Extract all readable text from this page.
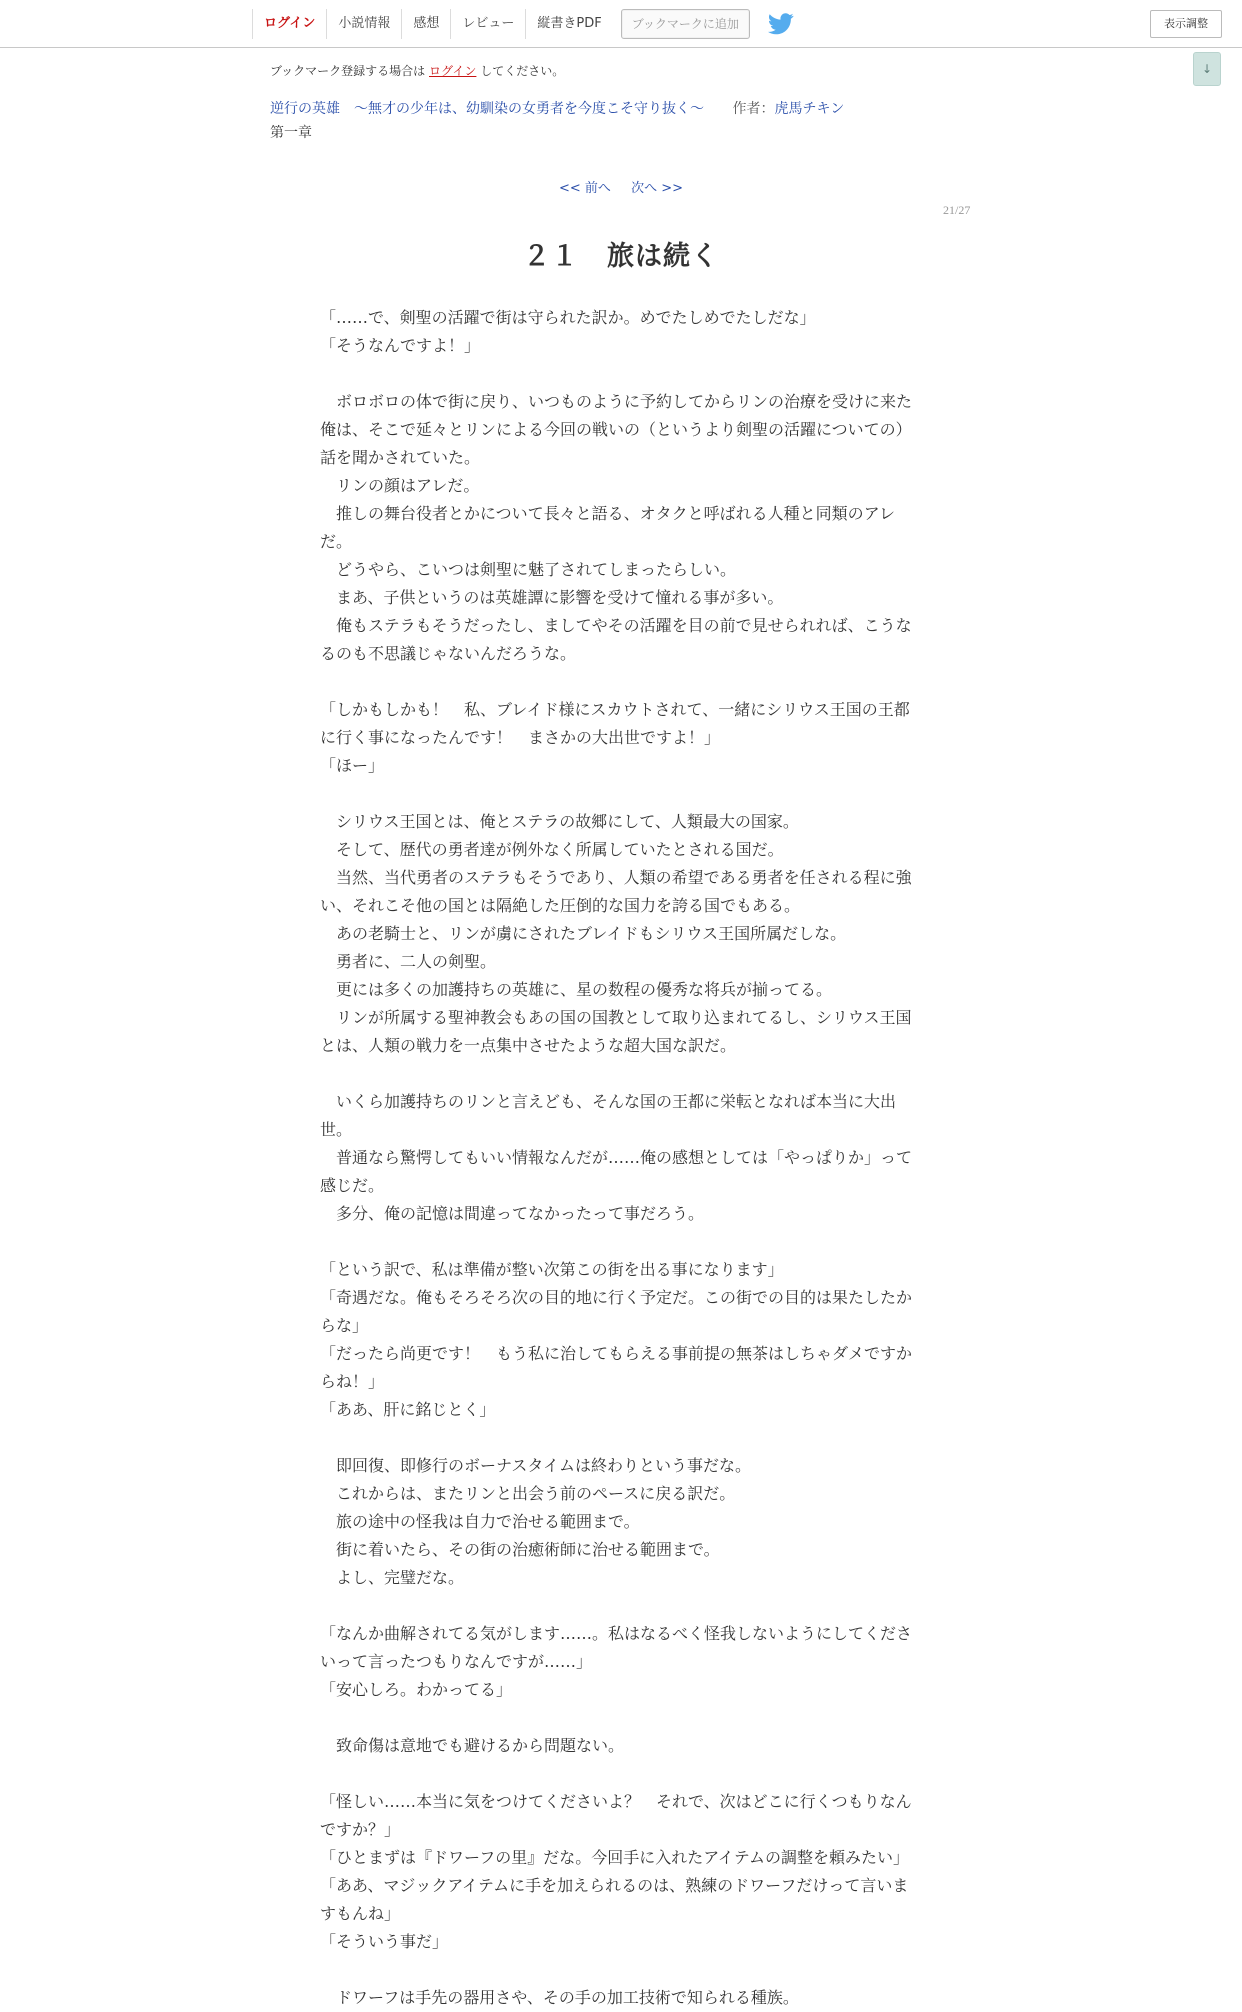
ログイン	小説情報	感想	レビュー	縦書きPDF	ブックマークに追加	表示調整
↓
ブックマーク登録する場合は ログイン してください。
逆行の英雄　～無才の少年は、幼馴染の女勇者を今度こそ守り抜く～ 作者：虎馬チキン
第一章
<< 前へ 次へ >>
21/27
２１　旅は続く

「……で、剣聖の活躍で街は守られた訳か。めでたしめでたしだな」

「そうなんですよ！」

　ボロボロの体で街に戻り、いつものように予約してからリンの治療を受けに来た

俺は、そこで延々とリンによる今回の戦いの（というより剣聖の活躍についての）

話を聞かされていた。

　リンの顔はアレだ。

　推しの舞台役者とかについて長々と語る、オタクと呼ばれる人種と同類のアレ

だ。

　どうやら、こいつは剣聖に魅了されてしまったらしい。

　まあ、子供というのは英雄譚に影響を受けて憧れる事が多い。

　俺もステラもそうだったし、ましてやその活躍を目の前で見せられれば、こうな

るのも不思議じゃないんだろうな。

「しかもしかも！　私、ブレイド様にスカウトされて、一緒にシリウス王国の王都

に行く事になったんです！　まさかの大出世ですよ！」

「ほー」

　シリウス王国とは、俺とステラの故郷にして、人類最大の国家。

　そして、歴代の勇者達が例外なく所属していたとされる国だ。

　当然、当代勇者のステラもそうであり、人類の希望である勇者を任される程に強

い、それこそ他の国とは隔絶した圧倒的な国力を誇る国でもある。

　あの老騎士と、リンが虜にされたブレイドもシリウス王国所属だしな。

　勇者に、二人の剣聖。

　更には多くの加護持ちの英雄に、星の数程の優秀な将兵が揃ってる。

　リンが所属する聖神教会もあの国の国教として取り込まれてるし、シリウス王国

とは、人類の戦力を一点集中させたような超大国な訳だ。

　いくら加護持ちのリンと言えども、そんな国の王都に栄転となれば本当に大出

世。

　普通なら驚愕してもいい情報なんだが……俺の感想としては「やっぱりか」って

感じだ。

　多分、俺の記憶は間違ってなかったって事だろう。

「という訳で、私は準備が整い次第この街を出る事になります」

「奇遇だな。俺もそろそろ次の目的地に行く予定だ。この街での目的は果たしたか

らな」

「だったら尚更です！　もう私に治してもらえる事前提の無茶はしちゃダメですか

らね！」

「ああ、肝に銘じとく」

　即回復、即修行のボーナスタイムは終わりという事だな。

　これからは、またリンと出会う前のペースに戻る訳だ。

　旅の途中の怪我は自力で治せる範囲まで。

　街に着いたら、その街の治癒術師に治せる範囲まで。

　よし、完璧だな。

「なんか曲解されてる気がします……。私はなるべく怪我しないようにしてくださ

いって言ったつもりなんですが……」

「安心しろ。わかってる」

　致命傷は意地でも避けるから問題ない。

「怪しい……本当に気をつけてくださいよ？　それで、次はどこに行くつもりなん

ですか？」

「ひとまずは『ドワーフの里』だな。今回手に入れたアイテムの調整を頼みたい」

「ああ、マジックアイテムに手を加えられるのは、熟練のドワーフだけって言いま

すもんね」

「そういう事だ」

　ドワーフは手先の器用さや、その手の加工技術で知られる種族。
